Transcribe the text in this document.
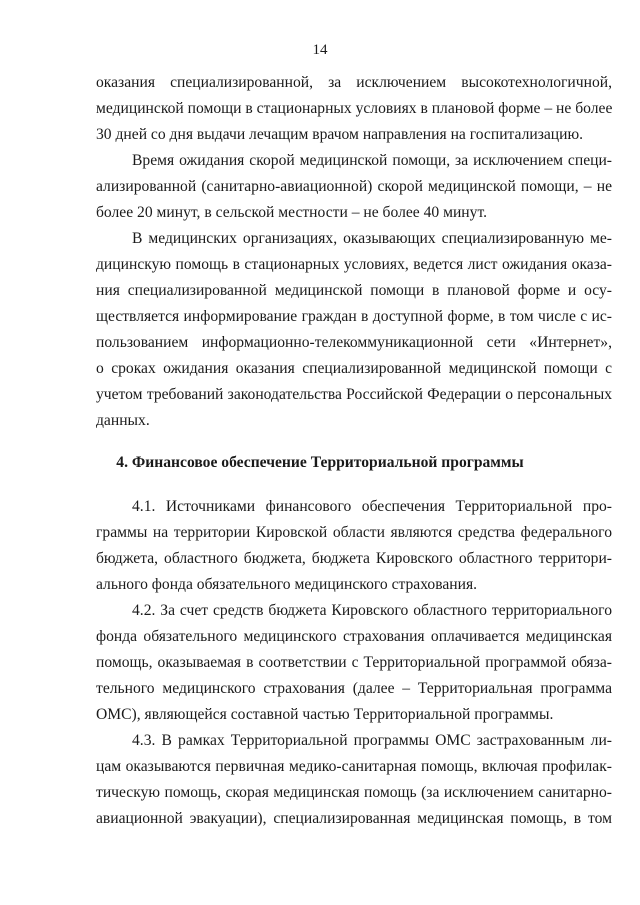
14
оказания специализированной, за исключением высокотехнологичной,
медицинской помощи в стационарных условиях в плановой форме – не более
30 дней со дня выдачи лечащим врачом направления на госпитализацию.
Время ожидания скорой медицинской помощи, за исключением специ-
ализированной (санитарно-авиационной) скорой медицинской помощи, – не
более 20 минут, в сельской местности – не более 40 минут.
В медицинских организациях, оказывающих специализированную ме-
дицинскую помощь в стационарных условиях, ведется лист ожидания оказа-
ния специализированной медицинской помощи в плановой форме и осу-
ществляется информирование граждан в доступной форме, в том числе с ис-
пользованием информационно-телекоммуникационной сети «Интернет»,
о сроках ожидания оказания специализированной медицинской помощи с
учетом требований законодательства Российской Федерации о персональных
данных.
4. Финансовое обеспечение Территориальной программы
4.1. Источниками финансового обеспечения Территориальной про-
граммы на территории Кировской области являются средства федерального
бюджета, областного бюджета, бюджета Кировского областного территори-
ального фонда обязательного медицинского страхования.
4.2. За счет средств бюджета Кировского областного территориального
фонда обязательного медицинского страхования оплачивается медицинская
помощь, оказываемая в соответствии с Территориальной программой обяза-
тельного медицинского страхования (далее – Территориальная программа
ОМС), являющейся составной частью Территориальной программы.
4.3. В рамках Территориальной программы ОМС застрахованным ли-
цам оказываются первичная медико-санитарная помощь, включая профилак-
тическую помощь, скорая медицинская помощь (за исключением санитарно-
авиационной эвакуации), специализированная медицинская помощь, в том
